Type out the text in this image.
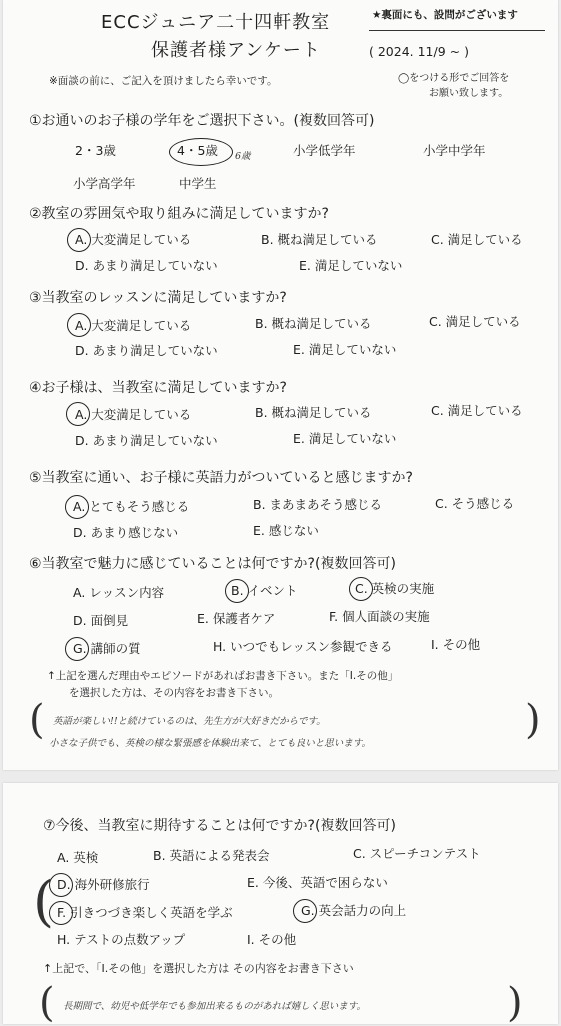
ECCジュニア二十四軒教室
保護者様アンケート	( 2024. 11/9 ~ )
★裏面にも、設問がございます
※面談の前に、ご記入を頂けましたら幸いです。	◯をつける形でご回答を
お願い致します。
①お通いのお子様の学年をご選択下さい。(複数回答可)
2・3歳	4・5歳 6歳	小学低学年	小学中学年
小学高学年	中学生
②教室の雰囲気や取り組みに満足していますか?
A. 大変満足している	B. 概ね満足している	C. 満足している
D. あまり満足していない	E. 満足していない
③当教室のレッスンに満足していますか?
A. 大変満足している	B. 概ね満足している	C. 満足している
D. あまり満足していない	E. 満足していない
④お子様は、当教室に満足していますか?
A. 大変満足している	B. 概ね満足している	C. 満足している
D. あまり満足していない	E. 満足していない
⑤当教室に通い、お子様に英語力がついていると感じますか?
A. とてもそう感じる	B. まあまあそう感じる	C. そう感じる
D. あまり感じない	E. 感じない
⑥当教室で魅力に感じていることは何ですか?(複数回答可)
A. レッスン内容	B. イベント	C. 英検の実施
D. 面倒見	E. 保護者ケア	F. 個人面談の実施
G. 講師の質	H. いつでもレッスン参観できる	I. その他
↑上記を選んだ理由やエピソードがあればお書き下さい。また「I.その他」
を選択した方は、その内容をお書き下さい。
(	)
英語が楽しい!!と続けているのは、先生方が大好きだからです。
小さな子供でも、英検の様な緊張感を体験出来て、とても良いと思います。
⑦今後、当教室に期待することは何ですか?(複数回答可)
A. 英検	B. 英語による発表会	C. スピーチコンテスト
D. 海外研修旅行	E. 今後、英語で困らない
F. 引きつづき楽しく英語を学ぶ	G. 英会話力の向上
H. テストの点数アップ	I. その他
(
↑上記で、「I.その他」を選択した方は その内容をお書き下さい
(	)
長期間で、幼児や低学年でも参加出来るものがあれば嬉しく思います。
